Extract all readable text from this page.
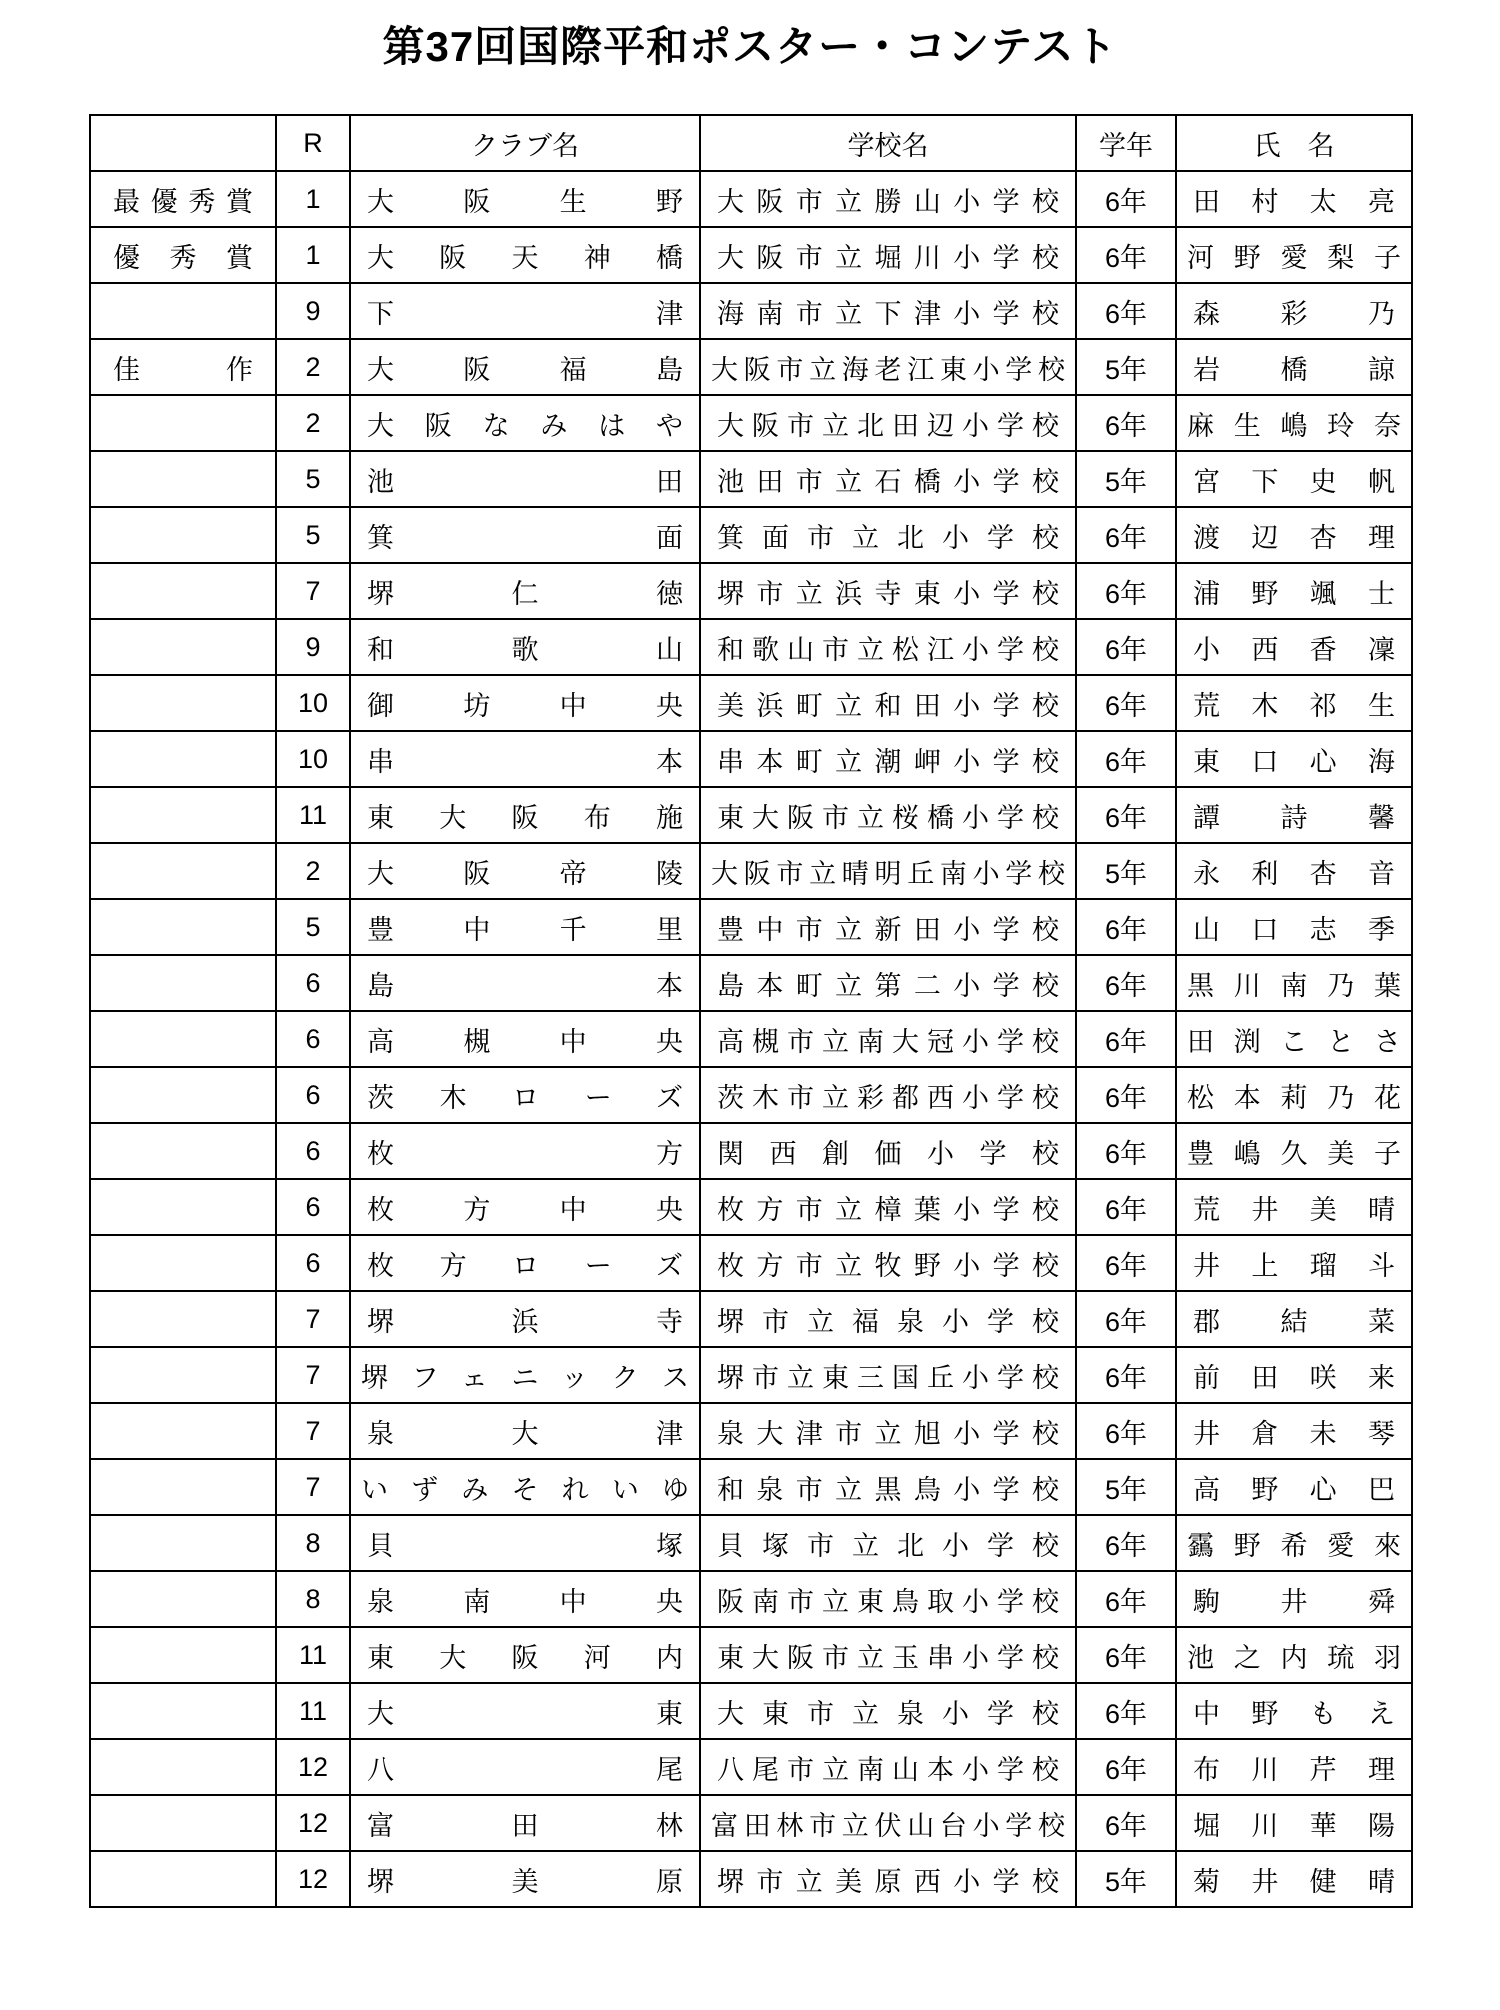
第37回国際平和ポスター・コンテスト
	R	クラブ名	学校名	学年	氏　名

最優秀賞	1	大阪生野	大阪市立勝山小学校	6年	田村太亮

優秀賞	1	大阪天神橋	大阪市立堀川小学校	6年	河野愛梨子

	9	下津	海南市立下津小学校	6年	森彩乃

佳作	2	大阪福島	大阪市立海老江東小学校	5年	岩橋諒

	2	大阪なみはや	大阪市立北田辺小学校	6年	麻生嶋玲奈

	5	池田	池田市立石橋小学校	5年	宮下史帆

	5	箕面	箕面市立北小学校	6年	渡辺杏理

	7	堺仁徳	堺市立浜寺東小学校	6年	浦野颯士

	9	和歌山	和歌山市立松江小学校	6年	小西香凜

	10	御坊中央	美浜町立和田小学校	6年	荒木祁生

	10	串本	串本町立潮岬小学校	6年	東口心海

	11	東大阪布施	東大阪市立桜橋小学校	6年	譚詩馨

	2	大阪帝陵	大阪市立晴明丘南小学校	5年	永利杏音

	5	豊中千里	豊中市立新田小学校	6年	山口志季

	6	島本	島本町立第二小学校	6年	黒川南乃葉

	6	高槻中央	高槻市立南大冠小学校	6年	田渕ことさ

	6	茨木ローズ	茨木市立彩都西小学校	6年	松本莉乃花

	6	枚方	関西創価小学校	6年	豊嶋久美子

	6	枚方中央	枚方市立樟葉小学校	6年	荒井美晴

	6	枚方ローズ	枚方市立牧野小学校	6年	井上瑠斗

	7	堺浜寺	堺市立福泉小学校	6年	郡結菜

	7	堺フェニックス	堺市立東三国丘小学校	6年	前田咲来

	7	泉大津	泉大津市立旭小学校	6年	井倉未琴

	7	いずみそれいゆ	和泉市立黒鳥小学校	5年	高野心巴

	8	貝塚	貝塚市立北小学校	6年	靎野希愛來

	8	泉南中央	阪南市立東鳥取小学校	6年	駒井舜

	11	東大阪河内	東大阪市立玉串小学校	6年	池之内琉羽

	11	大東	大東市立泉小学校	6年	中野もえ

	12	八尾	八尾市立南山本小学校	6年	布川芹理

	12	富田林	富田林市立伏山台小学校	6年	堀川華陽

	12	堺美原	堺市立美原西小学校	5年	菊井健晴
